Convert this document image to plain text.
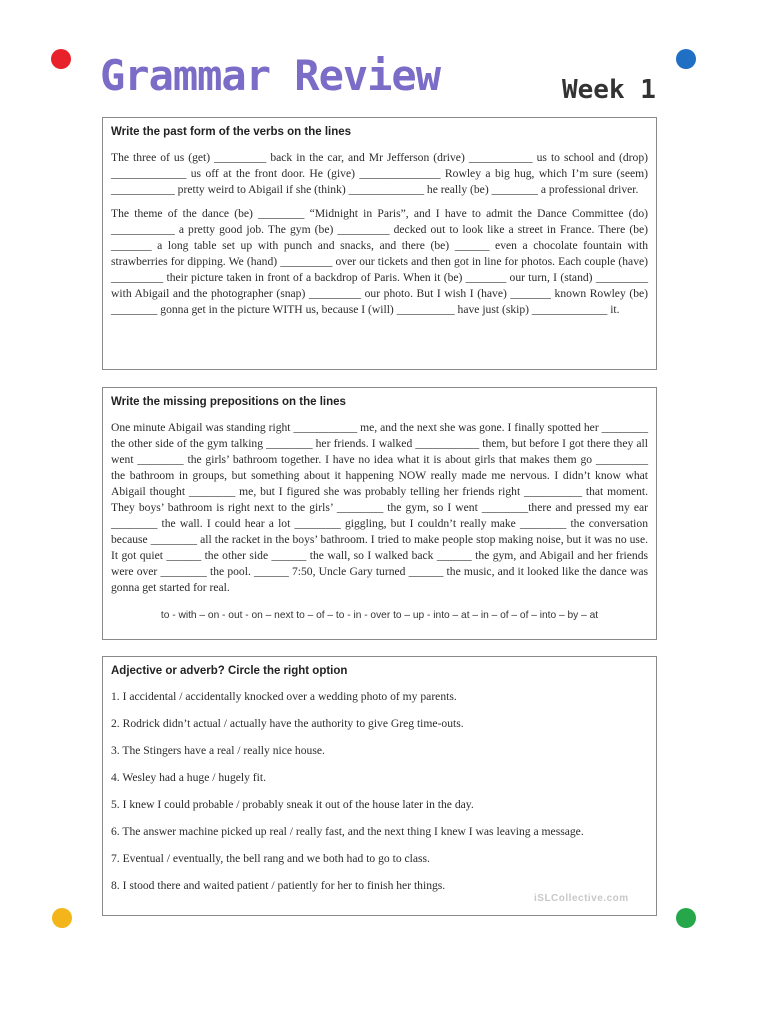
Grammar Review	Week 1
Write the past form of the verbs on the lines

The three of us (get) _________ back in the car, and Mr Jefferson (drive) ___________ us to school and (drop) _____________ us off at the front door. He (give) ______________ Rowley a big hug, which I’m sure (seem) ___________ pretty weird to Abigail if she (think) _____________ he really (be) ________ a professional driver.

The theme of the dance (be) ________ “Midnight in Paris”, and I have to admit the Dance Committee (do) ___________ a pretty good job. The gym (be) _________ decked out to look like a street in France. There (be) _______ a long table set up with punch and snacks, and there (be) ______ even a chocolate fountain with strawberries for dipping. We (hand) _________ over our tickets and then got in line for photos. Each couple (have) _________ their picture taken in front of a backdrop of Paris. When it (be) _______ our turn, I (stand) _________ with Abigail and the photographer (snap) _________ our photo. But I wish I (have) _______ known Rowley (be) ________ gonna get in the picture WITH us, because I (will) __________ have just (skip) _____________ it.

Write the missing prepositions on the lines

One minute Abigail was standing right ___________ me, and the next she was gone. I finally spotted her ________ the other side of the gym talking ________ her friends. I walked ___________ them, but before I got there they all went ________ the girls’ bathroom together. I have no idea what it is about girls that makes them go _________ the bathroom in groups, but something about it happening NOW really made me nervous. I didn’t know what Abigail thought ________ me, but I figured she was probably telling her friends right __________ that moment. They boys’ bathroom is right next to the girls’ ________ the gym, so I went ________there and pressed my ear ________ the wall. I could hear a lot ________ giggling, but I couldn’t really make ________ the conversation because ________ all the racket in the boys’ bathroom. I tried to make people stop making noise, but it was no use. It got quiet ______ the other side ______ the wall, so I walked back ______ the gym, and Abigail and her friends were over ________ the pool. ______ 7:50, Uncle Gary turned ______ the music, and it looked like the dance was gonna get started for real.

to - with – on - out - on – next to – of – to - in - over to – up - into – at – in – of – of – into – by – at
Adjective or adverb? Circle the right option
1. I accidental / accidentally knocked over a wedding photo of my parents.
2. Rodrick didn’t actual / actually have the authority to give Greg time-outs.
3. The Stingers have a real / really nice house.
4. Wesley had a huge / hugely fit.
5. I knew I could probable / probably sneak it out of the house later in the day.
6. The answer machine picked up real / really fast, and the next thing I knew I was leaving a message.
7. Eventual / eventually, the bell rang and we both had to go to class.
8. I stood there and waited patient / patiently for her to finish her things.
iSLCollective.com
